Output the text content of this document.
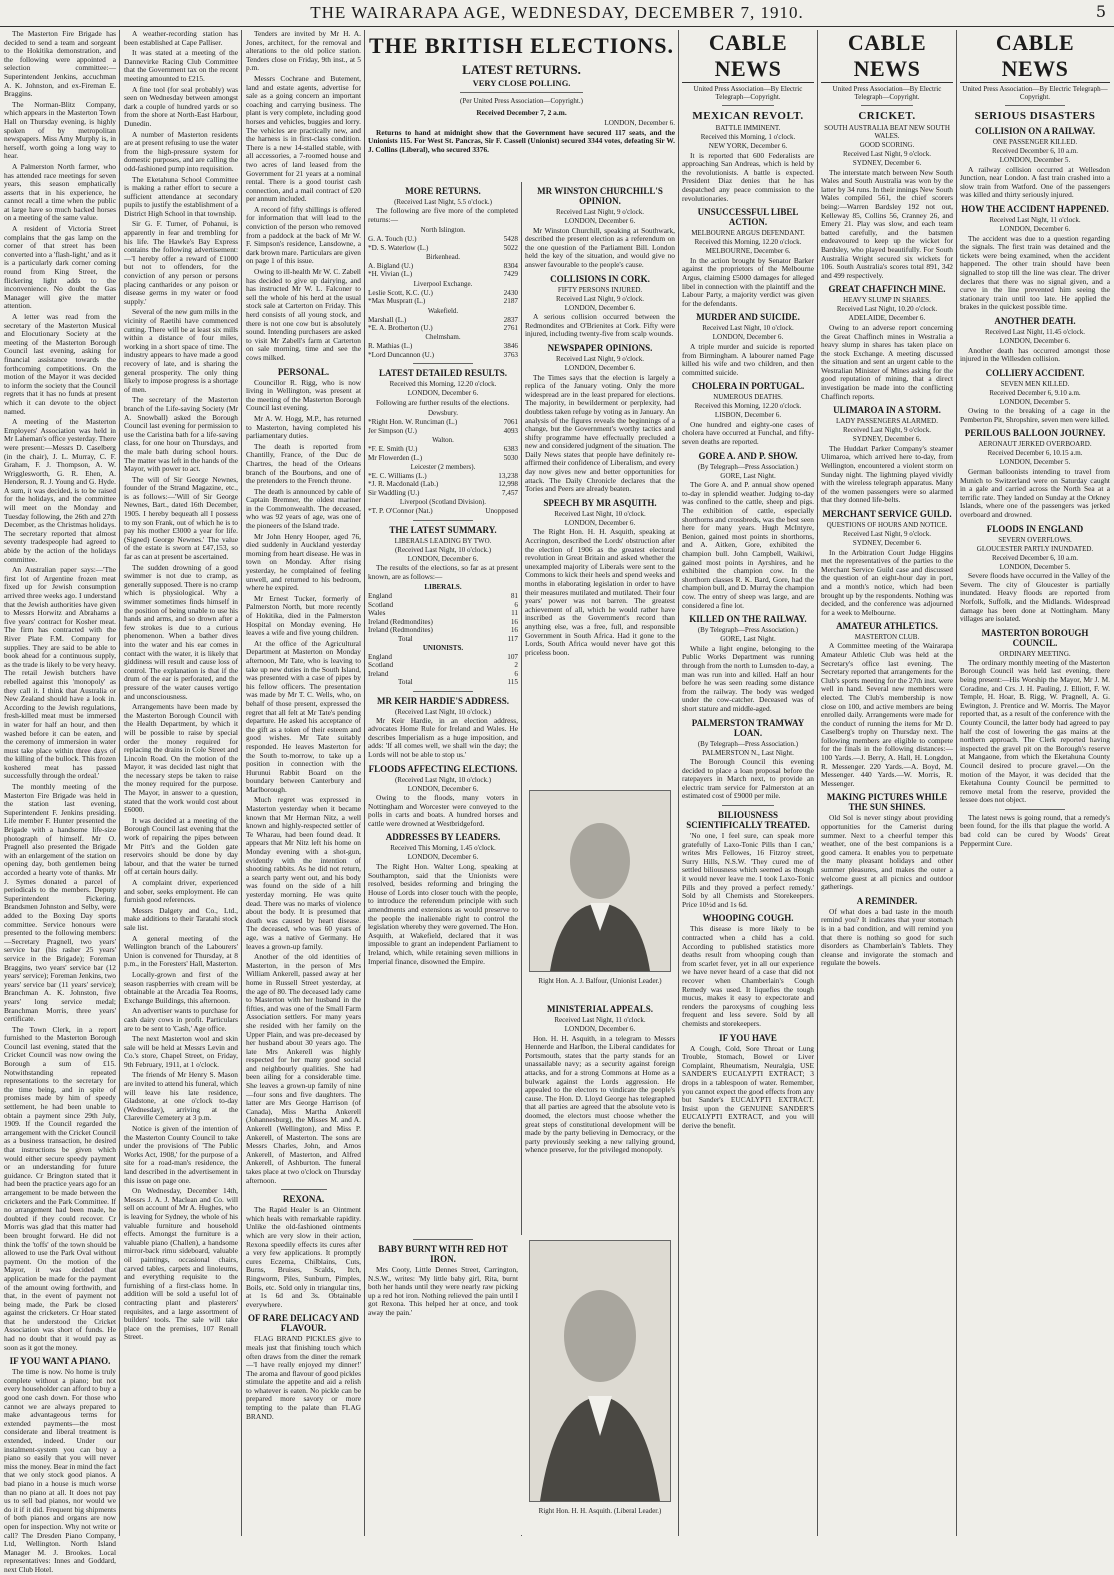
THE WAIRARAPA AGE, WEDNESDAY, DECEMBER 7, 1910.	5

The Masterton Fire Brigade has decided to send a team and sorgeant to the Hokitika demonstration, and the following were appointed a selection committee:— Superintendent Jenkins, accuchman A. K. Johnston, and ex-Fireman E. Braggins.

The Norman-Blitz Company, which appears in the Masterton Town Hall on Thursday evening, is highly spoken of by metropolitan newspapers. Miss Amy Murphy is, in herself, worth going a long way to hear.

A Palmerston North farmer, who has attended race meetings for seven years, this season emphatically asserts that in his experience, he cannot recall a time when the public at large have so much backed horses on a meeting of the same value.

A resident of Victoria Street complains that the gas lamp on the corner of that street has been converted into a 'flash-light,' and as it is a particularly dark corner coming round from King Street, the flickering light adds to the inconvenience. No doubt the Gas Manager will give the matter attention.

A letter was read from the secretary of the Masterton Musical and Elocutionary Society at the meeting of the Masterton Borough Council last evening, asking for financial assistance towards the forthcoming competitions. On the motion of the Mayor it was decided to inform the society that the Council regrets that it has no funds at present which it can devote to the object named.

A meeting of the Masterton Employers' Association was held in Mr Laheman's office yesterday. There were present:—Messrs D. Caselberg (in the chair), J. L. Murray, C. F. Graham, F. J. Thompson, A. W. Wrigglesworth, G. R. Ehen, A. Henderson, R. J. Young and G. Hyde. A sum, it was decided, is to be raised for the holidays, and the committee will meet on the Monday and Tuesday following, the 26th and 27th December, as the Christmas holidays. The secretary reported that almost seventy tradespeople had agreed to abide by the action of the holidays committee.

An Australian paper says:—'The first lot of Argentine frozen meat fixed up for Jewish consumption arrived three weeks ago. I understand that the Jewish authorities have given to Messrs Horwitz and Abrahams a five years' contract for Kosher meat. The firm has contracted with the River Plate F.M. Company for supplies. They are said to be able to book ahead for a continuous supply, as the trade is likely to be very heavy. The retail Jewish butchers have rebelled against this 'monopoly' as they call it. I think that Australia or New Zealand should have a look in. According to the Jewish regulations, fresh-killed meat must be immersed in water for half an hour, and then washed before it can be eaten, and the ceremony of immersion in water must take place within three days of the killing of the bullock. This frozen koshered meat has passed successfully through the ordeal.'

The monthly meeting of the Masterton Fire Brigade was held in the station last evening, Superintendent F. Jenkins presiding. Life member F. Hunter presented the Brigade with a handsome life-size photograph of himself. Mr O. Pragnell also presented the Brigade with an enlargement of the station on opening day, both gentlemen being accorded a hearty vote of thanks. Mr J. Symes donated a parcel of periodicals to the members. Deputy Superintendent Pickering, Brandsmen Johnston and Selby, were added to the Boxing Day sports committee. Service honours were presented to the following members:—Secretary Pragnell, two years' service bar (his rasher 25 years' service in the Brigade); Foreman Braggins, two years' service bar (12 years' service); Foreman Jenkins, two years' service bar (11 years' service); Branchman A. K. Johnston, five years' long service medal; Branchman Morris, three years' certificate.

The Town Clerk, in a report furnished to the Masterton Borough Council last evening, stated that the Cricket Council was now owing the Borough a sum of £15. Notwithstanding repeated representations to the secretary for the time being, and in spite of promises made by him of speedy settlement, he had been unable to obtain a payment since 29th July, 1909. If the Council regarded the arrangement with the Cricket Council as a business transaction, he desired that instructions be given which would either secure speedy payment or an understanding for future guidance. Cr Brington stated that it had been the practice years ago for an arrangement to be made between the cricketers and the Park Committee. If no arrangement had been made, he doubted if they could recover. Cr Morris was glad that this matter had been brought forward. He did not think the 'toffs' of the town should be allowed to use the Park Oval without payment. On the motion of the Mayor, it was decided that application be made for the payment of the amount owing forthwith, and that, in the event of payment not being made, the Park be closed against the cricketers. Cr Hoar stated that he understood the Cricket Association was short of funds. He had no doubt that it would pay as soon as it got the money.

IF YOU WANT A PIANO.

The time is now. No home is truly complete without a piano; but not every householder can afford to buy a good one cash down. For those who cannot we are always prepared to make advantageous terms for extended payments—the most considerate and liberal treatment is extended, indeed. Under our instalment-system you can buy a piano so easily that you will never miss the money. Bear in mind the fact that we only stock good pianos. A bad piano in a house is much worse than no piano at all. It does not pay us to sell bad pianos, nor would we do it if it did. Frequent big shipments of both pianos and organs are now open for inspection. Why not write or call? The Dresden Piano Company, Ltd, Wellington. North Island Manager M. J. Brookes. Local representatives: Innes and Goddard, next Club Hotel.

A weather-recording station has been established at Cape Palliser.

It was stated at a meeting of the Dannevirke Racing Club Committee that the Government tax on the recent meeting amounted to £215.

A fine tool (for seal probably) was seen on Wednesday between amongst dark a couple of hundred yards or so from the shore at North-East Harbour, Dunedin.

A number of Masterton residents are at present refusing to use the water from the high-pressure system for domestic purposes, and are calling the odd-fashioned pump into requisition.

The Eketahuna School Committee is making a rather effort to secure a sufficient attendance at secondary pupils to justify the establishment of a District High School in that township.

Sir G. F. Turner, of Pohanui, is apparently in fear and trembling for his life. The Hawke's Bay Express contains the following advertisement:—'I hereby offer a reward of £1000 but not to offenders, for the conviction of any person or persons placing cantharides or any poison or disease germs in my water or food supply.'

Several of the new gum mills in the vicinity of Raetihi have commenced cutting. There will be at least six mills within a distance of four miles, working in a short space of time. The industry appears to have made a good recovery of late, and is sharing the general prosperity. The only thing likely to impose progress is a shortage of men.

The secretary of the Masterton branch of the Life-saving Society (Mr A. Snowball) asked the Borough Council last evening for permission to use the Caristina bath for a life-saving class, for one hour on Thursdays, and the male bath during school hours. The matter was left in the hands of the Mayor, with power to act.

The will of Sir George Newnes, founder of the Strand Magazine, etc., is as follows:—'Will of Sir George Newnes, Bart., dated 16th December, 1905. I hereby bequeath all I possess to my son Frank, out of which he is to pay his mother £3000 a year for life. (Signed) George Newnes.' The value of the estate is sworn at £47,153, so far as can at present be ascertained.

The sudden drowning of a good swimmer is not due to cramp, as generally supposed. There is no cramp which is physiological. Why a swimmer sometimes finds himself in the position of being unable to use his hands and arms, and so drown after a few strokes is due to a curious phenomenon. When a bather dives into the water and his ear comes in contact with the water, it is likely that giddiness will result and cause loss of control. The explanation is that if the drum of the ear is perforated, and the pressure of the water causes vertigo and unconsciousness.

Arrangements have been made by the Masterton Borough Council with the Health Department, by which it will be possible to raise by special order the money required for replacing the drains in Cole Street and Lincoln Road. On the motion of the Mayor, it was decided last night that the necessary steps be taken to raise the money required for the purpose. The Mayor, in answer to a question, stated that the work would cost about £6000.

It was decided at a meeting of the Borough Council last evening that the work of repairing the pipes between Mr Pitt's and the Golden gate reservoirs should be done by day labour, and that the water be turned off at certain hours daily.

A complaint driver, experienced and sober, seeks employment. He can furnish good references.

Messrs Dalgety and Co., Ltd., make additions to their Taratahi stock sale list.

A general meeting of the Wellington branch of the Labourers' Union is convened for Thursday, at 8 p.m., in the Foresters' Hall, Masterton.

Locally-grown and first of the season raspberries with cream will be obtainable at the Arcadia Tea Rooms, Exchange Buildings, this afternoon.

An advertiser wants to purchase for cash dairy cows in profit. Particulars are to be sent to 'Cash,' Age office.

The next Masterton wool and skin sale will be held at Messrs Levin and Co.'s store, Chapel Street, on Friday, 9th February, 1911, at 1 o'clock.

The friends of Mr Henry S. Mason are invited to attend his funeral, which will leave his late residence, Gladstone, at one o'clock to-day (Wednesday), arriving at the Clareville Cemetery at 3 p.m.

Notice is given of the intention of the Masterton County Council to take under the provisions of 'The Public Works Act, 1908,' for the purpose of a site for a road-man's residence, the land described in the advertisement in this issue on page one.

On Wednesday, December 14th, Messrs J. A. J. Maclean and Co. will sell on account of Mr A. Hughes, who is leaving for Sydney, the whole of his valuable furniture and household effects. Amongst the furniture is a valuable piano (Challen), a handsome mirror-back rimu sideboard, valuable oil paintings, occasional chairs, carved tables, carpets and linoleums, and everything requisite to the furnishing of a first-class home. In addition will be sold a useful lot of contracting plant and plasterers' requisites, and a large assortment of builders' tools. The sale will take place on the premises, 107 Renall Street.

Tenders are invited by Mr H. A. Jones, architect, for the removal and alterations to the old police station. Tenders close on Friday, 9th inst., at 5 p.m.

Messrs Cochrane and Butement, land and estate agents, advertise for sale as a going concern an important coaching and carrying business. The plant is very complete, including good horses and vehicles, buggies and lorry. The vehicles are practically new, and the harness is in first-class condition. There is a new 14-stalled stable, with all accessories, a 7-roomed house and two acres of land leased from the Government for 21 years at a nominal rental. There is a good tourist cash connection, and a mail contract of £20 per annum included.

A record of fifty shillings is offered for information that will lead to the conviction of the person who removed from a paddock at the back of Mr W. F. Simpson's residence, Lansdowne, a dark brown mare. Particulars are given on page 1 of this issue.

Owing to ill-health Mr W. C. Zabell has decided to give up dairying, and has instructed Mr W. L. Falconer to sell the whole of his herd at the usual stock sale at Carterton on Friday. This herd consists of all young stock, and there is not one cow but is absolutely sound. Intending purchasers are asked to visit Mr Zabell's farm at Carterton on sale morning, time and see the cows milked.

PERSONAL.

Councillor R. Rigg, who is now living in Wellington, was present at the meeting of the Masterton Borough Council last evening.

Mr A. W. Hogg, M.P., has returned to Masterton, having completed his parliamentary duties.

The death is reported from Chantilly, France, of the Duc de Chartres, the head of the Orleans branch of the Bourbons, and one of the pretenders to the French throne.

The death is announced by cable of Captain Bremner, the oldest mariner in the Commonwealth. The deceased, who was 92 years of age, was one of the pioneers of the Island trade.

Mr John Henry Hooper, aged 76, died suddenly in Auckland yesterday morning from heart disease. He was in town on Monday. After rising yesterday, he complained of feeling unwell, and returned to his bedroom, where he expired.

Mr Ernest Tucker, formerly of Palmerston North, but more recently of Hokitika, died in the Palmerston Hospital on Monday evening. He leaves a wife and five young children.

At the office of the Agricultural Department at Masterton on Monday afternoon, Mr Tate, who is leaving to take up new duties in the South Island, was presented with a case of pipes by his fellow officers. The presentation was made by Mr T. C. Wells, who, on behalf of those present, expressed the regret that all felt at Mr Tate's pending departure. He asked his acceptance of the gift as a token of their esteem and good wishes. Mr Tate suitably responded. He leaves Masterton for the South to-morrow, to take up a position in connection with the Hurunui Rabbit Board on the boundary between Canterbury and Marlborough.

Much regret was expressed in Masterton yesterday when it became known that Mr Herman Nitz, a well known and highly-respected settler of Te Wharau, had been found dead. It appears that Mr Nitz left his home on Monday evening with a shot-gun, evidently with the intention of shooting rabbits. As he did not return, a search party went out, and his body was found on the side of a hill yesterday morning. He was quite dead. There was no marks of violence about the body. It is presumed that death was caused by heart disease. The deceased, who was 60 years of age, was a native of Germany. He leaves a grown-up family.

Another of the old identities of Masterton, in the person of Mrs William Ankerell, passed away at her home in Russell Street yesterday, at the age of 80. The deceased lady came to Masterton with her husband in the fifties, and was one of the Small Farm Association settlers. For many years she resided with her family on the Upper Plain, and was pre-deceased by her husband about 30 years ago. The late Mrs Ankerell was highly respected for her many good social and neighbourly qualities. She had been ailing for a considerable time. She leaves a grown-up family of nine—four sons and five daughters. The latter are Mrs George Harrison (of Canada), Miss Martha Ankerell (Johannesburg), the Misses M. and A. Ankerell (Wellington), and Miss P. Ankerell, of Masterton. The sons are Messrs Charles, John, and Amos Ankerell, of Masterton, and Alfred Ankerell, of Ashburton. The funeral takes place at two o'clock on Thursday afternoon.

REXONA.

The Rapid Healer is an Ointment which heals with remarkable rapidity. Unlike the old-fashioned ointments which are very slow in their action, Rexona speedily effects its cures after a very few applications. It promptly cures Eczema, Chilblains, Cuts, Burns, Bruises, Scalds, Itch, Ringworm, Piles, Sunburn, Pimples, Boils, etc. Sold only in triangular tins, at 1s 6d and 3s. Obtainable everywhere.

OF RARE DELICACY AND FLAVOUR.

FLAG BRAND PICKLES give to meals just that finishing touch which often draws from the diner the remark—'I have really enjoyed my dinner!' The aroma and flavour of good pickles stimulate the appetite and aid a relish to whatever is eaten. No pickle can be prepared more savory or more tempting to the palate than FLAG BRAND.

THE BRITISH ELECTIONS.
LATEST RETURNS.
VERY CLOSE POLLING.
(Per United Press Association—Copyright.)
Received December 7, 2 a.m.
LONDON, December 6.

Returns to hand at midnight show that the Government have secured 117 seats, and the Unionists 115. For West St. Pancras, Sir F. Cassell (Unionist) secured 3344 votes, defeating Sir W. J. Collins (Liberal), who secured 3376.

MORE RETURNS.
(Received Last Night, 5.5 o'clock.)

The following are five more of the completed returns:—

North Islington.
G. A. Touch (U.)	5428
*D. S. Waterlow (L.)	5022
Birkenhead.
A. Bigland (U.)	8304
*H. Vivian (L.)	7429
Liverpool Exchange.
Leslie Scott, K.C. (U.)	2430
*Max Muspratt (L.)	2187
Wakefield.
Marshall (L.)	2837
*E. A. Brotherton (U.)	2761
Chelmsham.
R. Mathias (L.)	3846
*Lord Duncannon (U.)	3763
LATEST DETAILED RESULTS.
Received this Morning, 12.20 o'clock.
LONDON, December 6.

Following are further results of the elections.

Dewsbury.
*Right Hon. W. Runciman (L.)	7061
Jer Simpson (U.)	4093
Walton.
*F. E. Smith (U.)	6383
Mr Flowerden (L.)	5030
Leicester (2 members).
*E. C. Williams (L.)	13,238
*J. R. Macdonald (Lab.)	12,998
Sir Waddling (U.)	7,457
Liverpool (Scotland Division).
*T. P. O'Connor (Nat.)	Unopposed
THE LATEST SUMMARY.
LIBERALS LEADING BY TWO.
(Received Last Night, 10 o'clock.)
LONDON, December 6.

The results of the elections, so far as at present known, are as follows:—

LIBERALS.
England	81
Scotland	6
Wales	11
Ireland (Redmondites)	16
Ireland (Redmondites)	16
Total	117
UNIONISTS.
England	107
Scotland	2
Ireland	6
Total	115
MR KEIR HARDIE'S ADDRESS.
(Received Last Night, 10 o'clock.)

Mr Keir Hardie, in an election address, advocates Home Rule for Ireland and Wales. He describes Imperialism as a huge imposition, and adds: 'If all comes well, we shall win the day; the Lords will not be able to stop us.'

FLOODS AFFECTING ELECTIONS.
(Received Last Night, 10 o'clock.)
LONDON, December 6.

Owing to the floods, many voters in Nottingham and Worcester were conveyed to the polls in carts and boats. A hundred horses and cattle were drowned at Westbridgeford.

ADDRESSES BY LEADERS.
Received This Morning, 1.45 o'clock.
LONDON, December 6.

The Right Hon. Walter Long, speaking at Southampton, said that the Unionists were resolved, besides reforming and bringing the House of Lords into closer touch with the people, to introduce the referendum principle with such amendments and extensions as would preserve to the people the inalienable right to control the legislation whereby they were governed. The Hon. Asquith, at Wakefield, declared that it was impossible to grant an independent Parliament to Ireland, which, while retaining seven millions in Imperial finance, disowned the Empire.

MR WINSTON CHURCHILL'S OPINION.
Received Last Night, 9 o'clock.
LONDON, December 6.

Mr Winston Churchill, speaking at Southwark, described the present election as a referendum on the one question of the Parliament Bill. London held the key of the situation, and would give no answer favourable to the people's cause.

COLLISIONS IN CORK.
FIFTY PERSONS INJURED.
Received Last Night, 9 o'clock.
LONDON, December 6.

A serious collision occurred between the Redmondites and O'Brienites at Cork. Fifty were injured, including twenty-five from scalp wounds.

NEWSPAPER OPINIONS.
Received Last Night, 9 o'clock.
LONDON, December 6.

The Times says that the election is largely a replica of the January voting. Only the more widespread are in the least prepared for elections. The majority, in bewilderment or perplexity, had doubtless taken refuge by voting as in January. An analysis of the figures reveals the beginnings of a change, but the Government's worthy tactics and shifty programme have effectually precluded a new and considered judgment of the situation. The Daily News states that people have definitely re-affirmed their confidence of Liberalism, and every day now gives new and better opportunities for attack. The Daily Chronicle declares that the Tories and Peers are already beaten.

SPEECH BY MR ASQUITH.
Received Last Night, 10 o'clock.
LONDON, December 6.

The Right Hon. H. H. Asquith, speaking at Accrington, described the Lords' obstruction after the election of 1906 as the greatest electoral revolution in Great Britain and asked whether the unexampled majority of Liberals were sent to the Commons to kick their heels and spend weeks and months in elaborating legislation in order to have their measures mutilated and mutilated. Their four years' power was not barren. The greatest achievement of all, which he would rather have inscribed as the Government's record than anything else, was a free, full, and responsible Government in South Africa. Had it gone to the Lords, South Africa would never have got this priceless boon.

Right Hon. A. J. Balfour, (Unionist Leader.)
MINISTERIAL APPEALS.
Received Last Night, 11 o'clock.
LONDON, December 6.

Hon. H. H. Asquith, in a telegram to Messrs Hennerde and Harlbon, the Liberal candidates for Portsmouth, states that the party stands for an unassailable navy; as a security against foreign attacks, and for a strong Commons at Home as a bulwark against the Lords aggression. He appealed to the electors to vindicate the people's cause. The Hon. D. Lloyd George has telegraphed that all parties are agreed that the absolute veto is doomed, the electors must choose whether the great steps of constitutional development will be made by the party believing in Democracy, or the party previously seeking a new rallying ground, whence preserve, for the privileged monopoly.

BABY BURNT WITH RED HOT IRON.

Mrs Cooty, Little Dennes Street, Carrington, N.S.W., writes: 'My little baby girl, Rita, burnt both her hands until they were nearly raw picking up a red hot iron. Nothing relieved the pain until I got Rexona. This helped her at once, and took away the pain.'

Right Hon. H. H. Asquith. (Liberal Leader.)
CABLE NEWS
United Press Association—By Electric Telegraph—Copyright.
MEXICAN REVOLT.
BATTLE IMMINENT.
Received this Morning, 1 o'clock.
NEW YORK, December 6.

It is reported that 600 Federalists are approaching San Andreas, which is held by the revolutionists. A battle is expected. President Diaz denies that he has despatched any peace commission to the revolutionaries.

UNSUCCESSFUL LIBEL ACTION.
MELBOURNE ARGUS DEFENDANT.
Received this Morning, 12.20 o'clock.
MELBOURNE, December 6.

In the action brought by Senator Barker against the proprietors of the Melbourne Argus, claiming £5000 damages for alleged libel in connection with the plaintiff and the Labour Party, a majority verdict was given for the defendants.

MURDER AND SUICIDE.
Received Last Night, 10 o'clock.
LONDON, December 6.

A triple murder and suicide is reported from Birmingham. A labourer named Page killed his wife and two children, and then committed suicide.

CHOLERA IN PORTUGAL.
NUMEROUS DEATHS.
Received this Morning, 12.20 o'clock.
LISBON, December 6.

One hundred and eighty-one cases of cholera have occurred at Funchal, and fifty-seven deaths are reported.

GORE A. AND P. SHOW.
(By Telegraph—Press Association.)
GORE, Last Night.

The Gore A. and P. annual show opened to-day in splendid weather. Judging to-day was confined to the cattle, sheep and pigs. The exhibition of cattle, especially shorthorns and crossbreds, was the best seen here for many years. Hugh McIntyre, Benion, gained most points in shorthorns, and A. Aitken, Gore, exhibited the champion bull. John Campbell, Waikiwi, gained most points in Ayrshires, and he exhibited the champion cow. In the shorthorn classes R. K. Bard, Gore, had the champion bull, and D. Murray the champion cow. The entry of sheep was large, and are considered a fine lot.

KILLED ON THE RAILWAY.
(By Telegraph—Press Association.)
GORE, Last Night.

While a light engine, belonging to the Public Works Department was running through from the north to Lumsden to-day, a man was run into and killed. Half an hour before he was seen reading some distance from the railway. The body was wedged under the cow-catcher. Deceased was of short stature and middle-aged.

PALMERSTON TRAMWAY LOAN.
(By Telegraph—Press Association.)
PALMERSTON N., Last Night.

The Borough Council this evening decided to place a loan proposal before the ratepayers in March next, to provide an electric tram service for Palmerston at an estimated cost of £9000 per mile.

BILIOUSNESS SCIENTIFICALLY TREATED.

'No one, I feel sure, can speak more gratefully of Laxo-Tonic Pills than I can,' writes Mrs Fellowes, 16 Fitzroy street, Surry Hills, N.S.W. 'They cured me of settled biliousness which seemed as though it would never leave me. I took Laxo-Tonic Pills and they proved a perfect remedy.' Sold by all Chemists and Storekeepers. Price 10½d and 1s 6d.

WHOOPING COUGH.

This disease is more likely to be contracted when a child has a cold. According to published statistics more deaths result from whooping cough than from scarlet fever, yet in all our experience we have never heard of a case that did not recover when Chamberlain's Cough Remedy was used. It liquefies the tough mucus, makes it easy to expectorate and renders the paroxysms of coughing less frequent and less severe. Sold by all chemists and storekeepers.

IF YOU HAVE

A Cough, Cold, Sore Throat or Lung Trouble, Stomach, Bowel or Liver Complaint, Rheumatism, Neuralgia, USE SANDER'S EUCALYPTI EXTRACT; 3 drops in a tablespoon of water. Remember, you cannot expect the good effects from any but Sander's EUCALYPTI EXTRACT. Insist upon the GENUINE SANDER'S EUCALYPTI EXTRACT, and you will derive the benefit.

CABLE NEWS
United Press Association—By Electric Telegraph—Copyright.
CRICKET.
SOUTH AUSTRALIA BEAT NEW SOUTH WALES.
GOOD SCORING.
Received Last Night, 9 o'clock.
SYDNEY, December 6.

The interstate match between New South Wales and South Australia was won by the latter by 34 runs. In their innings New South Wales compiled 561, the chief scorers being:—Warren Bardsley 192 not out, Kelleway 85, Collins 56, Cranney 26, and Emery 21. Play was slow, and each team batted carefully, and the batsmen endeavoured to keep up the wicket for Bardsley, who played beautifully. For South Australia Wright secured six wickets for 106. South Australia's scores total 891, 342 and 499 respectively.

GREAT CHAFFINCH MINE.
HEAVY SLUMP IN SHARES.
Received Last Night, 10.20 o'clock.
ADELAIDE, December 6.

Owing to an adverse report concerning the Great Chaffinch mines in Westralia a heavy slump in shares has taken place on the stock Exchange. A meeting discussed the situation and sent an urgent cable to the Westralian Minister of Mines asking for the good reputation of mining, that a direct investigation be made into the conflicting Chaffinch reports.

ULIMAROA IN A STORM.
LADY PASSENGERS ALARMED.
Received Last Night, 9 o'clock.
SYDNEY, December 6.

The Huddart Parker Company's steamer Ulimaroa, which arrived here to-day, from Wellington, encountered a violent storm on Sunday night. The lightning played vividly with the wireless telegraph apparatus. Many of the women passengers were so alarmed that they donned life-belts.

MERCHANT SERVICE GUILD.
QUESTIONS OF HOURS AND NOTICE.
Received Last Night, 9 o'clock.
SYDNEY, December 6.

In the Arbitration Court Judge Higgins met the representatives of the parties to the Merchant Service Guild case and discussed the question of an eight-hour day in port, and a month's notice, which had been brought up by the respondents. Nothing was decided, and the conference was adjourned for a week to Melbourne.

AMATEUR ATHLETICS.
MASTERTON CLUB.

A Committee meeting of the Wairarapa Amateur Athletic Club was held at the Secretary's office last evening. The Secretary reported that arrangements for the Club's sports meeting for the 27th inst. were well in hand. Several new members were elected. The Club's membership is now close on 100, and active members are being enrolled daily. Arrangements were made for the conduct of running the items for Mr D. Caselberg's trophy on Thursday next. The following members are eligible to compete for the finals in the following distances:—100 Yards.—J. Berry, A. Hall, H. Longdon, R. Messenger. 220 Yards.—A. Boyd, M. Messenger. 440 Yards.—W. Morris, R. Messenger.

MAKING PICTURES WHILE THE SUN SHINES.

Old Sol is never stingy about providing opportunities for the Camerist during summer. Next to a cheerful temper this weather, one of the best companions is a good camera. It enables you to perpetuate the many pleasant holidays and other summer pleasures, and makes the outer a welcome guest at all picnics and outdoor gatherings.

A REMINDER.

Of what does a bad taste in the mouth remind you? It indicates that your stomach is in a bad condition, and will remind you that there is nothing so good for such disorders as Chamberlain's Tablets. They cleanse and invigorate the stomach and regulate the bowels.

CABLE NEWS
United Press Association—By Electric Telegraph—Copyright.
SERIOUS DISASTERS
COLLISION ON A RAILWAY.
ONE PASSENGER KILLED.
Received December 6, 10 a.m.
LONDON, December 5.

A railway collision occurred at Wellesdon Junction, near London. A fast train crashed into a slow train from Watford. One of the passengers was killed and thirty seriously injured.

HOW THE ACCIDENT HAPPENED.
Received Last Night, 11 o'clock.
LONDON, December 6.

The accident was due to a question regarding the signals. The first train was detained and the tickets were being examined, when the accident happened. The other train should have been signalled to stop till the line was clear. The driver declares that there was no signal given, and a curve in the line prevented him seeing the stationary train until too late. He applied the brakes in the quickest possible time.

ANOTHER DEATH.
Received Last Night, 11.45 o'clock.
LONDON, December 6.

Another death has occurred amongst those injured in the Willesden collision.

COLLIERY ACCIDENT.
SEVEN MEN KILLED.
Received December 6, 9.10 a.m.
LONDON, December 5.

Owing to the breaking of a cage in the Pemberton Pit, Shropshire, seven men were killed.

PERILOUS BALLOON JOURNEY.
AERONAUT JERKED OVERBOARD.
Received December 6, 10.15 a.m.
LONDON, December 5.

German balloonists intending to travel from Munich to Switzerland were on Saturday caught in a gale and carried across the North Sea at a terrific rate. They landed on Sunday at the Orkney Islands, where one of the passengers was jerked overboard and drowned.

FLOODS IN ENGLAND
SEVERN OVERFLOWS.
GLOUCESTER PARTLY INUNDATED.
Received December 6, 10 a.m.
LONDON, December 5.

Severe floods have occurred in the Valley of the Severn. The city of Gloucester is partially inundated. Heavy floods are reported from Norfolk, Suffolk, and the Midlands. Widespread damage has been done at Nottingham. Many villages are isolated.

MASTERTON BOROUGH COUNCIL.
ORDINARY MEETING.

The ordinary monthly meeting of the Masterton Borough Council was held last evening, there being present:—His Worship the Mayor, Mr J. M. Coradine, and Crs. J. H. Pauling, J. Elliott, F. W. Temple, H. Hoar, B. Rigg, W. Pragnell, A. G. Ewington, J. Prentice and W. Morris. The Mayor reported that, as a result of the conference with the County Council, the latter body had agreed to pay half the cost of lowering the gas mains at the northern approach. The Clerk reported having inspected the gravel pit on the Borough's reserve at Mangaone, from which the Eketahuna County Council desired to procure gravel.—On the motion of the Mayor, it was decided that the Eketahuna County Council be permitted to remove metal from the reserve, provided the lessee does not object.

The latest news is going round, that a remedy's been found, for the ills that plague the world. A bad cold can be cured by Woods' Great Peppermint Cure.
